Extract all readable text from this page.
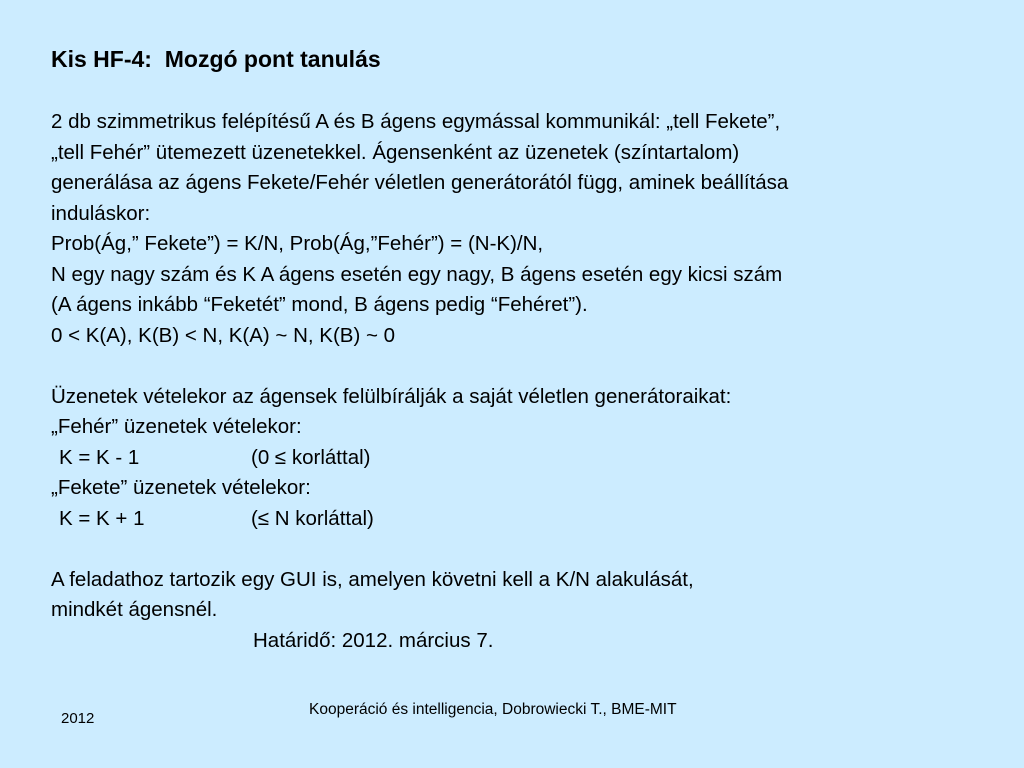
Kis HF-4:  Mozgó pont tanulás
2 db szimmetrikus felépítésű A és B ágens egymással kommunikál: „tell Fekete”,
„tell Fehér” ütemezett üzenetekkel. Ágensenként az üzenetek (színtartalom)
generálása az ágens Fekete/Fehér véletlen generátorától függ, aminek beállítása
induláskor:
Prob(Ág,” Fekete”) = K/N, Prob(Ág,”Fehér”) = (N-K)/N,
N egy nagy szám és K A ágens esetén egy nagy, B ágens esetén egy kicsi szám
(A ágens inkább “Feketét” mond, B ágens pedig “Fehéret”).
0 < K(A), K(B) < N, K(A) ~ N, K(B) ~ 0
Üzenetek vételekor az ágensek felülbírálják a saját véletlen generátoraikat:
„Fehér” üzenetek vételekor:
K = K - 1	(0 ≤ korláttal)
„Fekete” üzenetek vételekor:
K = K + 1	(≤ N korláttal)
A feladathoz tartozik egy GUI is, amelyen követni kell a K/N alakulását,
mindkét ágensnél.
Határidő: 2012. március 7.
2012
Kooperáció és intelligencia, Dobrowiecki T., BME-MIT
